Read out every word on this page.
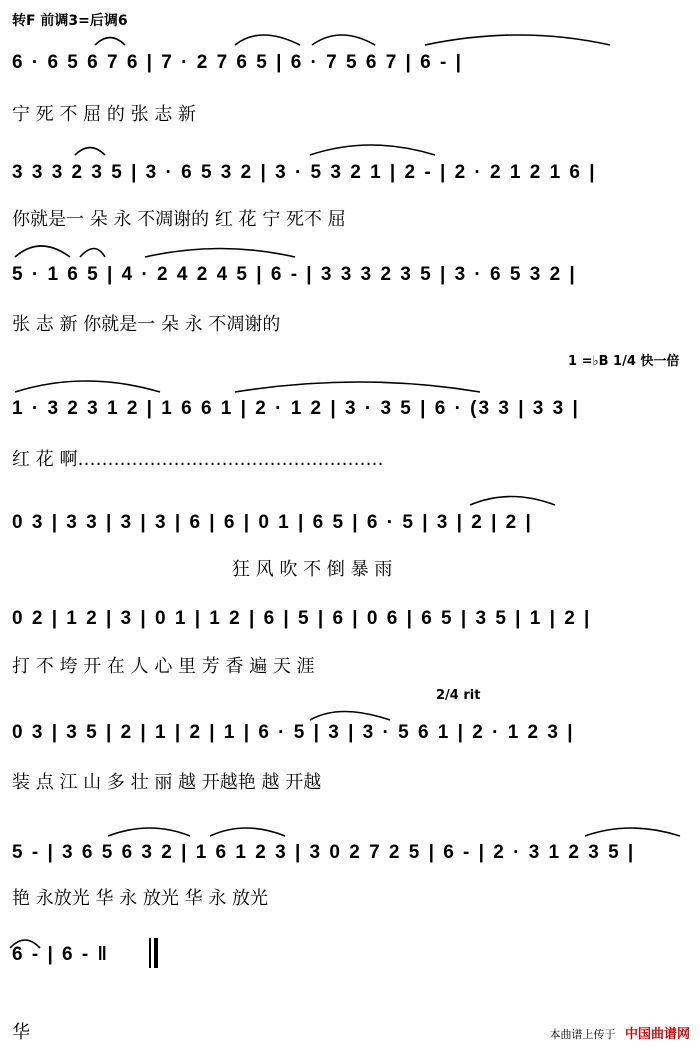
转F 前调3=后调6
1 =♭B 1/4 快一倍
2/4 rit
6 · 6 5 6 7 6 | 7 · 2 7 6 5 | 6 · 7 5 6 7 | 6 - |
宁 死 不 屈 的 张 志 新
3 3 3 2 3 5 | 3 · 6 5 3 2 | 3 · 5 3 2 1 | 2 - | 2 · 2 1 2 1 6 |
你就是一 朵 永 不凋谢的 红 花 宁 死不 屈
5 · 1 6 5 | 4 · 2 4 2 4 5 | 6 - | 3 3 3 2 3 5 | 3 · 6 5 3 2 |
张 志 新 你就是一 朵 永 不凋谢的
1 · 3 2 3 1 2 | 1 6 6 1 | 2 · 1 2 | 3 · 3 5 | 6 · (3 3 | 3 3 |
红 花 啊……………………………………………
0 3 | 3 3 | 3 | 3 | 6 | 6 | 0 1 | 6 5 | 6 · 5 | 3 | 2 | 2 |
狂 风 吹 不 倒 暴 雨
0 2 | 1 2 | 3 | 0 1 | 1 2 | 6 | 5 | 6 | 0 6 | 6 5 | 3 5 | 1 | 2 |
打 不 垮 开 在 人 心 里 芳 香 遍 天 涯
0 3 | 3 5 | 2 | 1 | 2 | 1 | 6 · 5 | 3 | 3 · 5 6 1 | 2 · 1 2 3 |
装 点 江 山 多 壮 丽 越 开越艳 越 开越
5 - | 3 6 5 6 3 2 | 1 6 1 2 3 | 3 0 2 7 2 5 | 6 - | 2 · 3 1 2 3 5 |
艳 永放光 华 永 放光 华 永 放光
6 - | 6 - ‖
华	本曲谱上传于 中国曲谱网
